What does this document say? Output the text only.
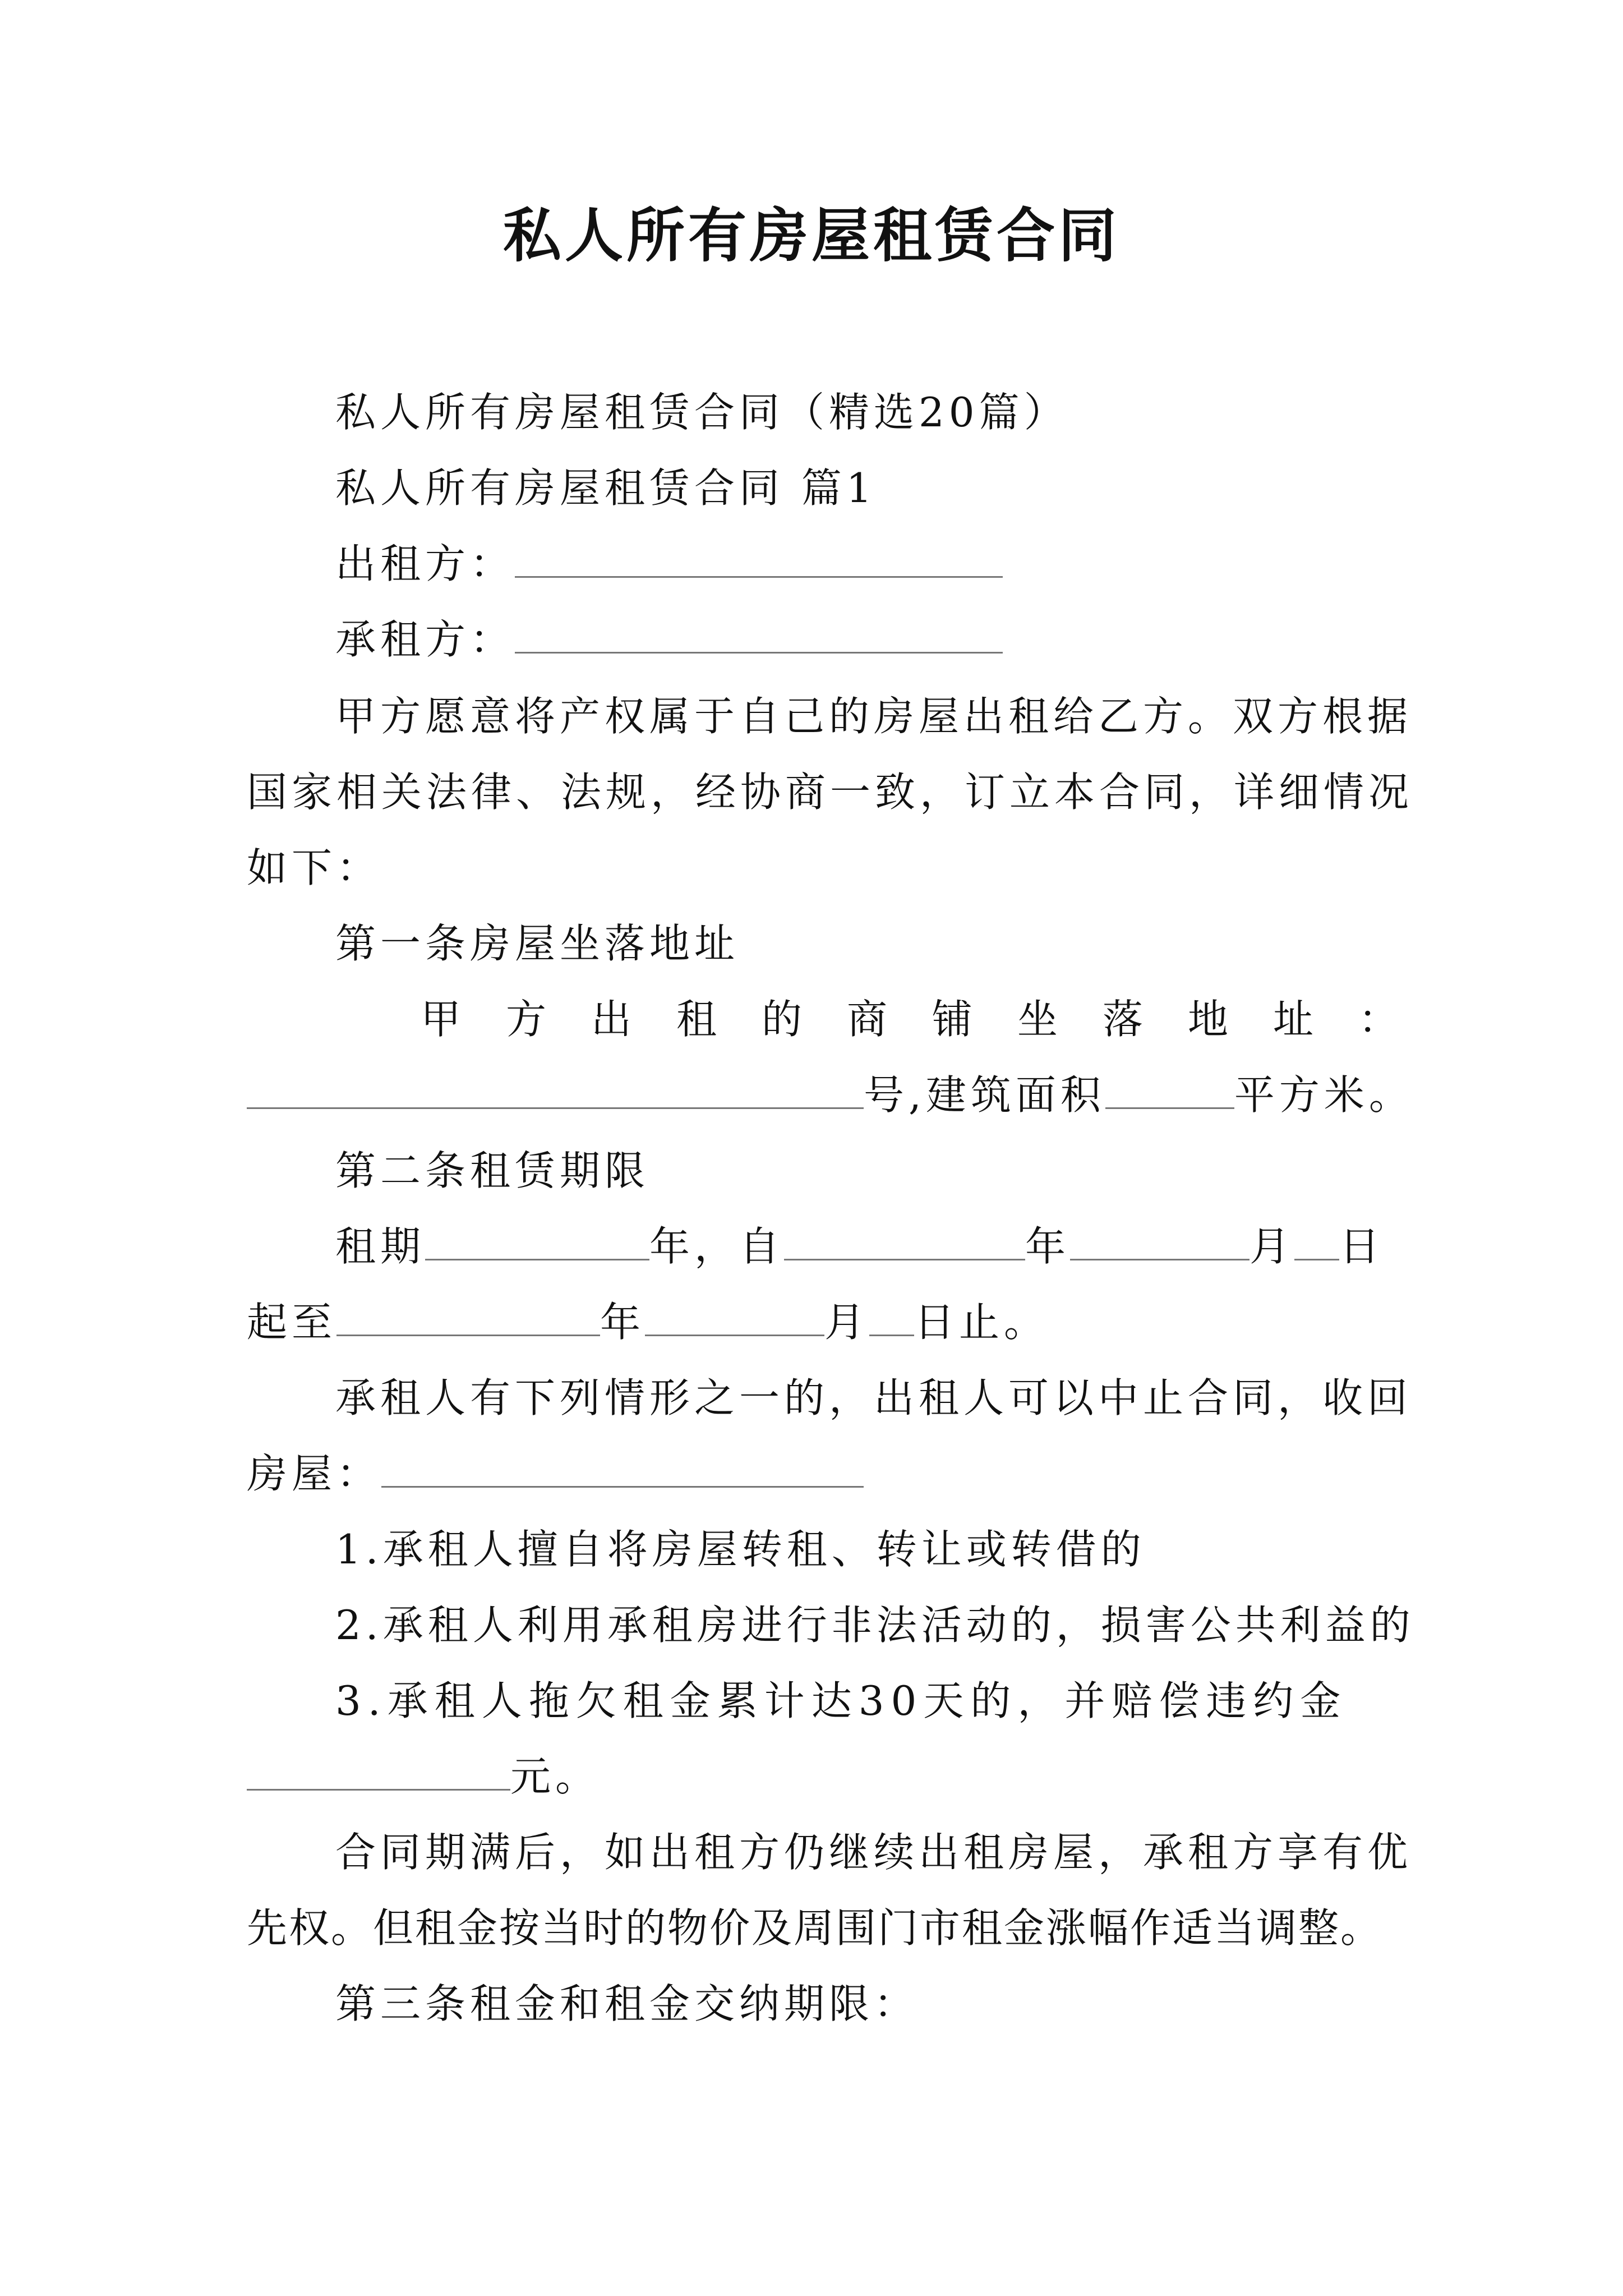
私人所有房屋租赁合同
私人所有房屋租赁合同（精选20篇）
私人所有房屋租赁合同 篇1
出租方：
承租方：
甲方愿意将产权属于自己的房屋出租给乙方。双方根据
国家相关法律、法规，经协商一致，订立本合同，详细情况
如下：
第一条房屋坐落地址
甲方出租的商铺坐落地址：
号,建筑面积	平方米。
第二条租赁期限
租期	年，自	年	月 日
起至	年	月 日止。
承租人有下列情形之一的，出租人可以中止合同，收回
房屋：
1.承租人擅自将房屋转租、转让或转借的
2.承租人利用承租房进行非法活动的，损害公共利益的
3.承租人拖欠租金累计达30天的，并赔偿违约金
元。
合同期满后，如出租方仍继续出租房屋，承租方享有优
先权。但租金按当时的物价及周围门市租金涨幅作适当调整。
第三条租金和租金交纳期限：
